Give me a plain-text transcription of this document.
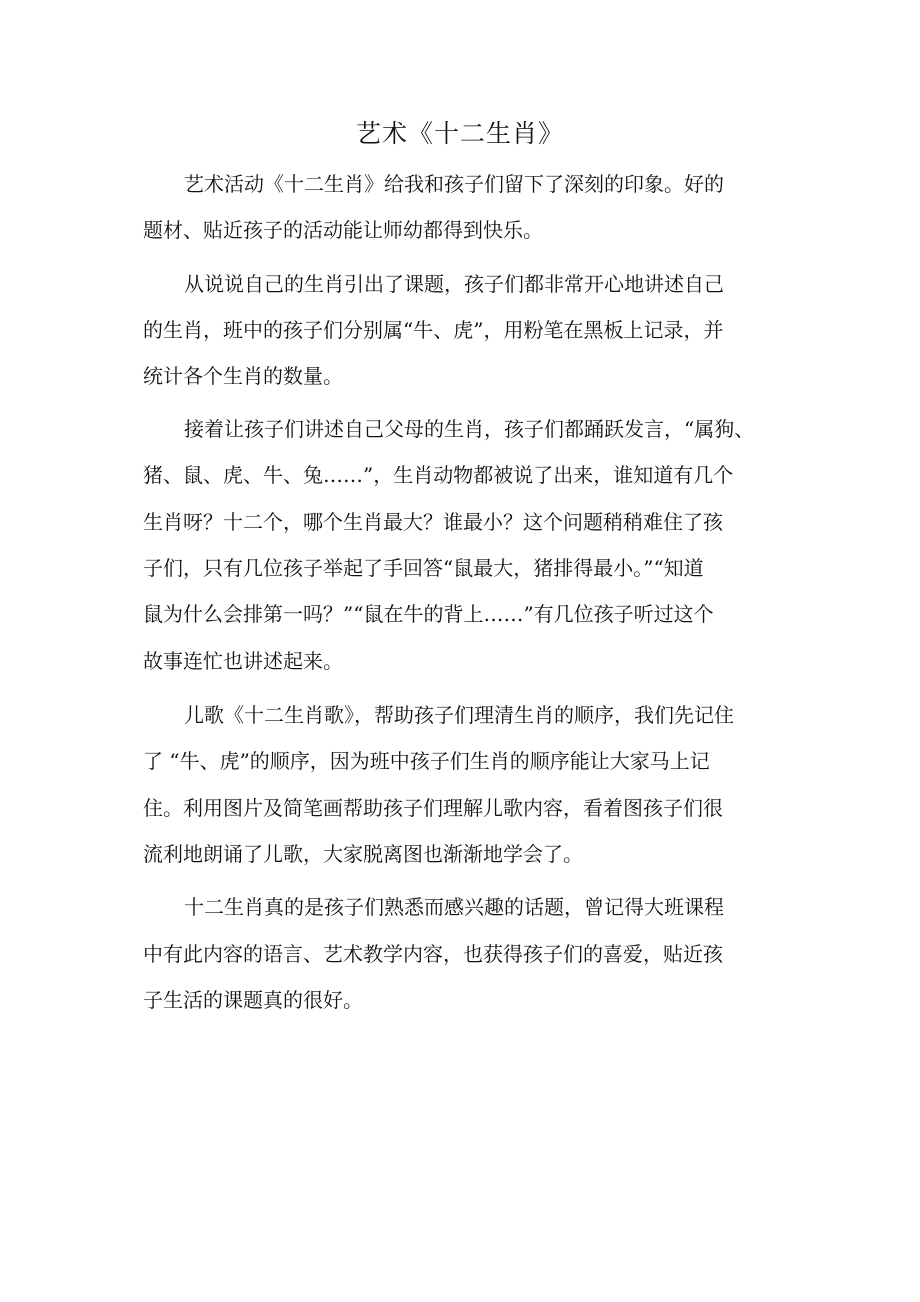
艺术《十二生肖》
艺术活动《十二生肖》给我和孩子们留下了深刻的印象。好的
题材、贴近孩子的活动能让师幼都得到快乐。
从说说自己的生肖引出了课题，孩子们都非常开心地讲述自己
的生肖，班中的孩子们分别属“牛、虎”，用粉笔在黑板上记录，并
统计各个生肖的数量。
接着让孩子们讲述自己父母的生肖，孩子们都踊跃发言，“属狗、
猪、鼠、虎、牛、兔……”，生肖动物都被说了出来，谁知道有几个
生肖呀？十二个，哪个生肖最大？谁最小？这个问题稍稍难住了孩
子们，只有几位孩子举起了手回答“鼠最大，猪排得最小。”“知道
鼠为什么会排第一吗？”“鼠在牛的背上……”有几位孩子听过这个
故事连忙也讲述起来。
儿歌《十二生肖歌》，帮助孩子们理清生肖的顺序，我们先记住
了 “牛、虎”的顺序，因为班中孩子们生肖的顺序能让大家马上记
住。利用图片及简笔画帮助孩子们理解儿歌内容，看着图孩子们很
流利地朗诵了儿歌，大家脱离图也渐渐地学会了。
十二生肖真的是孩子们熟悉而感兴趣的话题，曾记得大班课程
中有此内容的语言、艺术教学内容，也获得孩子们的喜爱，贴近孩
子生活的课题真的很好。
